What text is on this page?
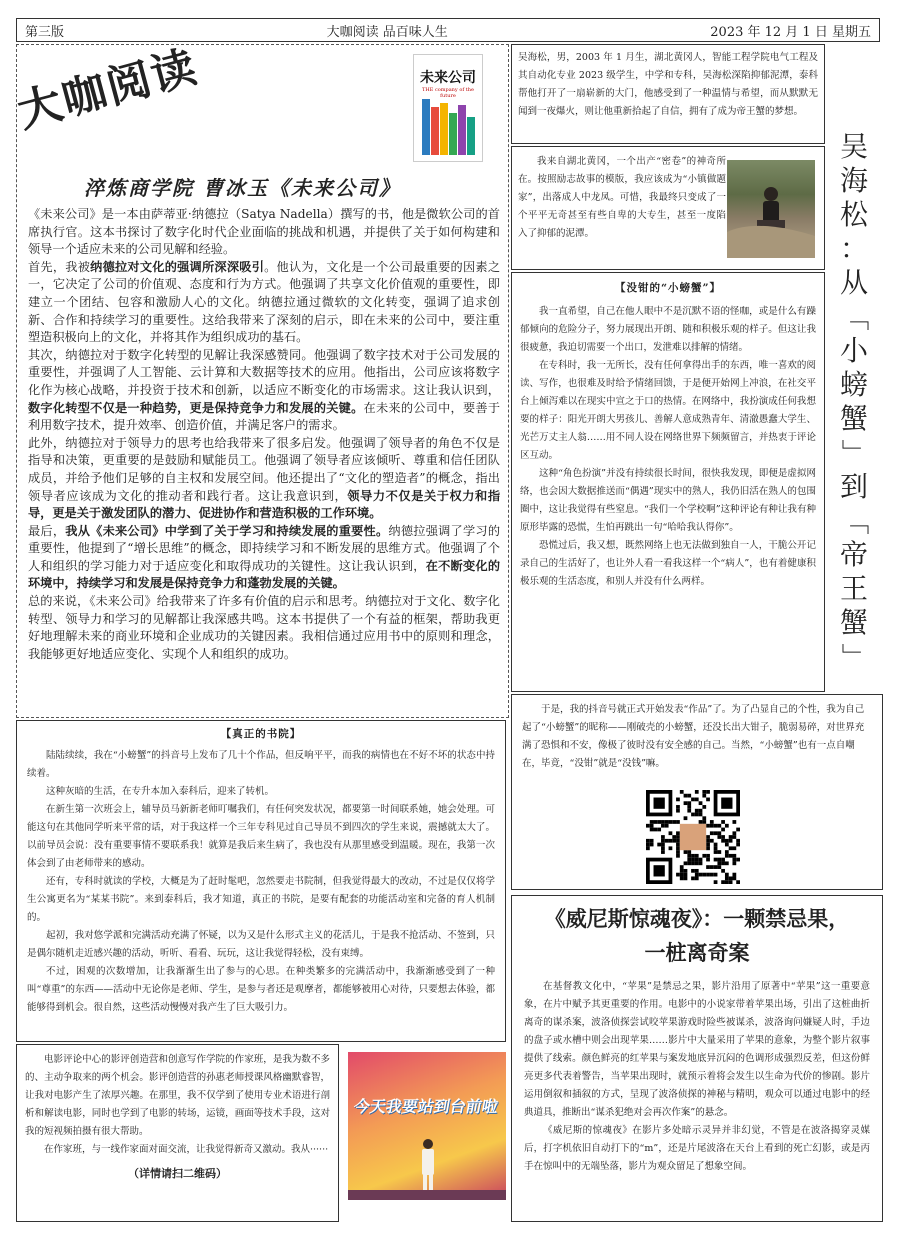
第三版	大咖阅读 品百味人生	2023 年 12 月 1 日 星期五
未来公司
THE company of the future
大咖阅读
淬炼商学院 曹冰玉《未来公司》

《未来公司》是一本由萨蒂亚·纳德拉（Satya Nadella）撰写的书，他是微软公司的首席执行官。这本书探讨了数字化时代企业面临的挑战和机遇，并提供了关于如何构建和领导一个适应未来的公司见解和经验。

首先，我被纳德拉对文化的强调所深深吸引。他认为，文化是一个公司最重要的因素之一，它决定了公司的价值观、态度和行为方式。他强调了共享文化价值观的重要性，即建立一个团结、包容和激励人心的文化。纳德拉通过微软的文化转变，强调了追求创新、合作和持续学习的重要性。这给我带来了深刻的启示，即在未来的公司中，要注重塑造积极向上的文化，并将其作为组织成功的基石。

其次，纳德拉对于数字化转型的见解让我深感赞同。他强调了数字技术对于公司发展的重要性，并强调了人工智能、云计算和大数据等技术的应用。他指出，公司应该将数字化作为核心战略，并投资于技术和创新，以适应不断变化的市场需求。这让我认识到，数字化转型不仅是一种趋势，更是保持竞争力和发展的关键。在未来的公司中，要善于利用数字技术，提升效率、创造价值，并满足客户的需求。

此外，纳德拉对于领导力的思考也给我带来了很多启发。他强调了领导者的角色不仅是指导和决策，更重要的是鼓励和赋能员工。他强调了领导者应该倾听、尊重和信任团队成员，并给予他们足够的自主权和发展空间。他还提出了“文化的塑造者”的概念，指出领导者应该成为文化的推动者和践行者。这让我意识到，领导力不仅是关于权力和指导，更是关于激发团队的潜力、促进协作和营造积极的工作环境。

最后，我从《未来公司》中学到了关于学习和持续发展的重要性。纳德拉强调了学习的重要性，他提到了“增长思维”的概念，即持续学习和不断发展的思维方式。他强调了个人和组织的学习能力对于适应变化和取得成功的关键性。这让我认识到，在不断变化的环境中，持续学习和发展是保持竞争力和蓬勃发展的关键。

总的来说，《未来公司》给我带来了许多有价值的启示和思考。纳德拉对于文化、数字化转型、领导力和学习的见解都让我深感共鸣。这本书提供了一个有益的框架，帮助我更好地理解未来的商业环境和企业成功的关键因素。我相信通过应用书中的原则和理念，我能够更好地适应变化、实现个人和组织的成功。

吴海松，男，2003 年 1 月生，湖北黄冈人，智能工程学院电气工程及其自动化专业 2023 级学生，中学和专科，吴海松深陷抑郁泥潭，泰科帮他打开了一扇崭新的大门，他感受到了一种温情与希望，而从默默无闻到一夜爆火，则让他重新拾起了自信，拥有了成为帝王蟹的梦想。

我来自湖北黄冈，一个出产“密卷”的神奇所在。按照励志故事的模版，我应该成为“小镇做题家”，出落成人中龙凤。可惜，我最终只变成了一个平平无奇甚至有些自卑的大专生，甚至一度陷入了抑郁的泥潭。

吴
海
松
：
从
「
小
螃
蟹
」
到
「
帝
王
蟹
」
【没钳的“小螃蟹”】

我一直希望，自己在他人眼中不是沉默不语的怪咖，或是什么有躁郁倾向的危险分子，努力展现出开朗、随和积极乐观的样子。但这让我很疲惫，我迫切需要一个出口，发泄难以排解的情绪。

在专科时，我一无所长，没有任何拿得出手的东西，唯一喜欢的阅读、写作，也很难及时给予情绪回馈，于是便开始网上冲浪，在社交平台上倾泻难以在现实中宣之于口的热情。在网络中，我扮演成任何我想要的样子：阳光开朗大男孩儿、善解人意成熟青年、清澈愚蠢大学生、光芒万丈主人翁……用不同人设在网络世界下频频留言，并热衷于评论区互动。

这种“角色扮演”并没有持续很长时间，很快我发现，即便是虚拟网络，也会因大数据推送而“偶遇”现实中的熟人，我仍旧活在熟人的包围圈中，这让我觉得有些窒息。“我们一个学校啊”这种评论有种让我有种原形毕露的恐慌，生怕再跳出一句“哈哈我认得你”。

恐慌过后，我又想，既然网络上也无法做到独自一人，干脆公开记录自己的生活好了，也让外人看一看我这样一个“病人”，也有着健康积极乐观的生活态度，和别人并没有什么两样。

【真正的书院】

陆陆续续，我在“小螃蟹”的抖音号上发布了几十个作品，但反响平平，而我的病情也在不好不坏的状态中持续着。

这种灰暗的生活，在专升本加入泰科后，迎来了转机。

在新生第一次班会上，辅导员马新新老师叮嘱我们，有任何突发状况，都要第一时间联系她，她会处理。可能这句在其他同学听来平常的话，对于我这样一个三年专科见过自己导员不到四次的学生来说，震撼就太大了。以前导员会说：没有重要事情不要联系我！就算是我后来生病了，我也没有从那里感受到温暖。现在，我第一次体会到了由老师带来的感动。

还有，专科时就读的学校，大概是为了赶时髦吧，忽然要走书院制，但我觉得最大的改动，不过是仅仅将学生公寓更名为“某某书院”。来到泰科后，我才知道，真正的书院，是要有配套的功能活动室和完备的育人机制的。

起初，我对悠学派和完满活动充满了怀疑，以为又是什么形式主义的花活儿，于是我不抢活动、不签到，只是偶尔随机走近感兴趣的活动，听听、看看、玩玩，这让我觉得轻松，没有束缚。

不过，困观的次数增加，让我渐渐生出了参与的心思。在种类繁多的完满活动中，我渐渐感受到了一种叫“尊重”的东西——活动中无论你是老师、学生，是参与者还是观摩者，都能够被用心对待，只要想去体验，都能够得到机会。很自然，这些活动慢慢对我产生了巨大吸引力。

于是，我的抖音号就正式开始发表“作品”了。为了凸显自己的个性，我为自己起了“小螃蟹”的昵称——刚破壳的小螃蟹，还没长出大钳子，脆弱易碎，对世界充满了恐惧和不安，像极了彼时没有安全感的自己。当然，“小螃蟹”也有一点自嘲在，毕竟，“没钳”就是“没钱”嘛。

电影评论中心的影评创造营和创意写作学院的作家班，是我为数不多的、主动争取来的两个机会。影评创造营的孙惠老师授课风格幽默睿智，让我对电影产生了浓厚兴趣。在那里，我不仅学到了使用专业术语进行剖析和解读电影，同时也学到了电影的转场，运镜，画面等技术手段，这对我的短视频拍摄有很大帮助。

在作家班，与一线作家面对面交流，让我觉得新奇又激动。我从······

（详情请扫二维码）
今天我要站到台前啦
《威尼斯惊魂夜》：一颗禁忌果，
一桩离奇案

在基督教文化中，“苹果”是禁忌之果，影片沿用了原著中“苹果”这一重要意象，在片中赋予其更重要的作用。电影中的小说家带着苹果出场，引出了这桩曲折离奇的谋杀案，波洛侦探尝试咬苹果游戏时险些被谋杀，波洛询问嫌疑人时，手边的盘子或水槽中则会出现苹果……影片中大量采用了苹果的意象，为整个影片叙事提供了线索。颜色鲜亮的红苹果与案发地底异沉闷的色调形成强烈反差，但这份鲜亮更多代表着警告，当苹果出现时，就预示着将会发生以生命为代价的惨剧。影片运用倒叙和插叙的方式，呈现了波洛侦探的神秘与精明，观众可以通过电影中的经典道具，推断出“谋杀犯绝对会再次作案”的悬念。

《威尼斯的惊魂夜》在影片多处暗示灵异并非幻觉，不管是在波洛揭穿灵媒后，打字机依旧自动打下的“m”，还是片尾波洛在天台上看到的死亡幻影，或是丙手在惊叫中的无端坠落，影片为观众留足了想象空间。
